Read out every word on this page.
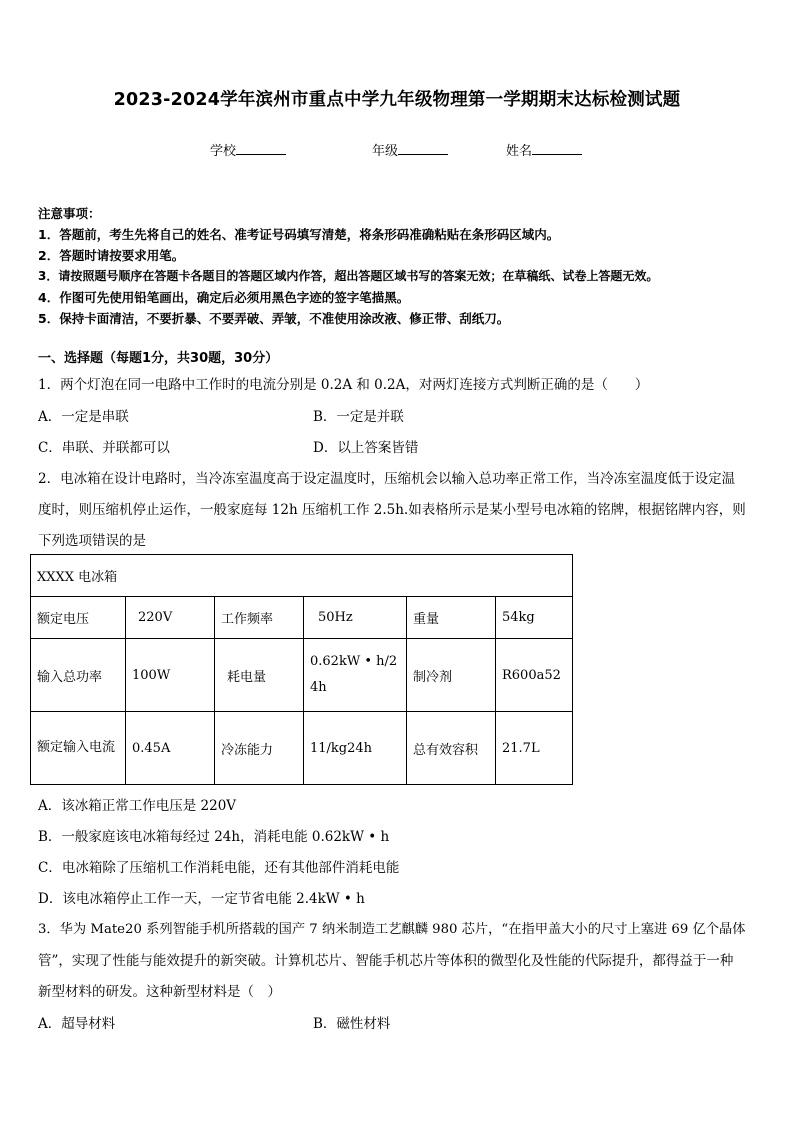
2023-2024学年滨州市重点中学九年级物理第一学期期末达标检测试题
学校	年级	姓名
注意事项：
1．答题前，考生先将自己的姓名、准考证号码填写清楚，将条形码准确粘贴在条形码区域内。
2．答题时请按要求用笔。
3．请按照题号顺序在答题卡各题目的答题区域内作答，超出答题区域书写的答案无效；在草稿纸、试卷上答题无效。
4．作图可先使用铅笔画出，确定后必须用黑色字迹的签字笔描黑。
5．保持卡面清洁，不要折暴、不要弄破、弄皱，不准使用涂改液、修正带、刮纸刀。
一、选择题（每题1分，共30题，30分）
1．两个灯泡在同一电路中工作时的电流分别是 0.2A 和 0.2A，对两灯连接方式判断正确的是（　　）
A．一定是串联	B．一定是并联
C．串联、并联都可以	D．以上答案皆错
2．电冰箱在设计电路时，当冷冻室温度高于设定温度时，压缩机会以输入总功率正常工作，当冷冻室温度低于设定温
度时，则压缩机停止运作，一般家庭每 12h 压缩机工作 2.5h.如表格所示是某小型号电冰箱的铭牌，根据铭牌内容，则
下列选项错误的是
XXXX 电冰箱					
额定电压	220V	工作频率	50Hz	重量	54kg
输入总功率	100W	耗电量	0.62kW • h/24h	制冷剂	R600a52
额定输入电流	0.45A	冷冻能力	11/kg24h	总有效容积	21.7L
A．该冰箱正常工作电压是 220V
B．一般家庭该电冰箱每经过 24h，消耗电能 0.62kW • h
C．电冰箱除了压缩机工作消耗电能，还有其他部件消耗电能
D．该电冰箱停止工作一天，一定节省电能 2.4kW • h
3．华为 Mate20 系列智能手机所搭载的国产 7 纳米制造工艺麒麟 980 芯片，“在指甲盖大小的尺寸上塞进 69 亿个晶体
管”，实现了性能与能效提升的新突破。计算机芯片、智能手机芯片等体积的微型化及性能的代际提升，都得益于一种
新型材料的研发。这种新型材料是（　）
A．超导材料	B．磁性材料
